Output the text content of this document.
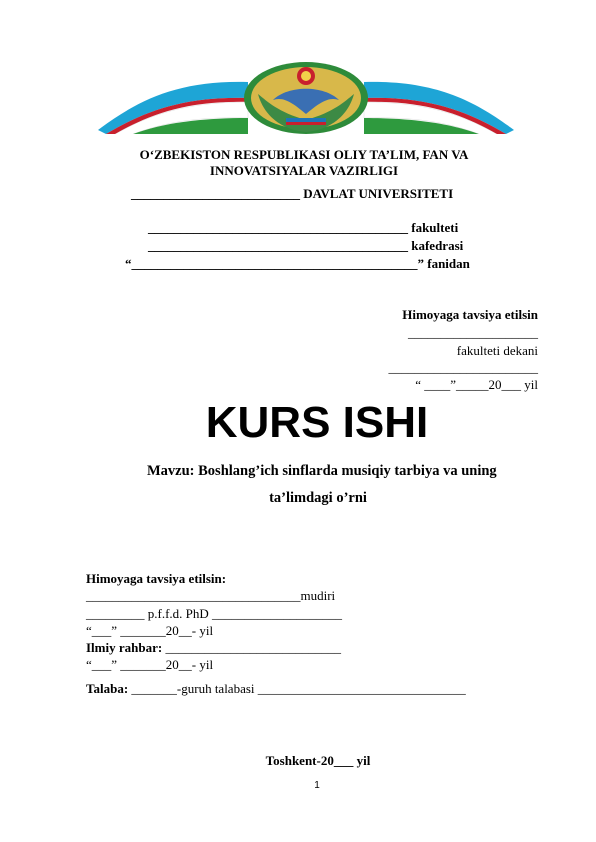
O‘ZBEKISTON RESPUBLIKASI OLIY TA’LIM, FAN VA
INNOVATSIYALAR VAZIRLIGI
__________________________ DAVLAT UNIVERSITETI
________________________________________ fakulteti
________________________________________ kafedrasi
“____________________________________________” fanidan
Himoyaga tavsiya etilsin
____________________
fakulteti dekani
_______________________
“ ____”_____20___ yil
KURS ISHI
Mavzu: Boshlang’ich sinflarda musiqiy tarbiya va uning
ta’limdagi o’rni
Himoyaga tavsiya etilsin:
_________________________________mudiri
_________ p.f.f.d. PhD ____________________
“___” _______20__- yil
Ilmiy rahbar: ___________________________
“___” _______20__- yil
Talaba: _______-guruh talabasi ________________________________
Toshkent-20___ yil
1
